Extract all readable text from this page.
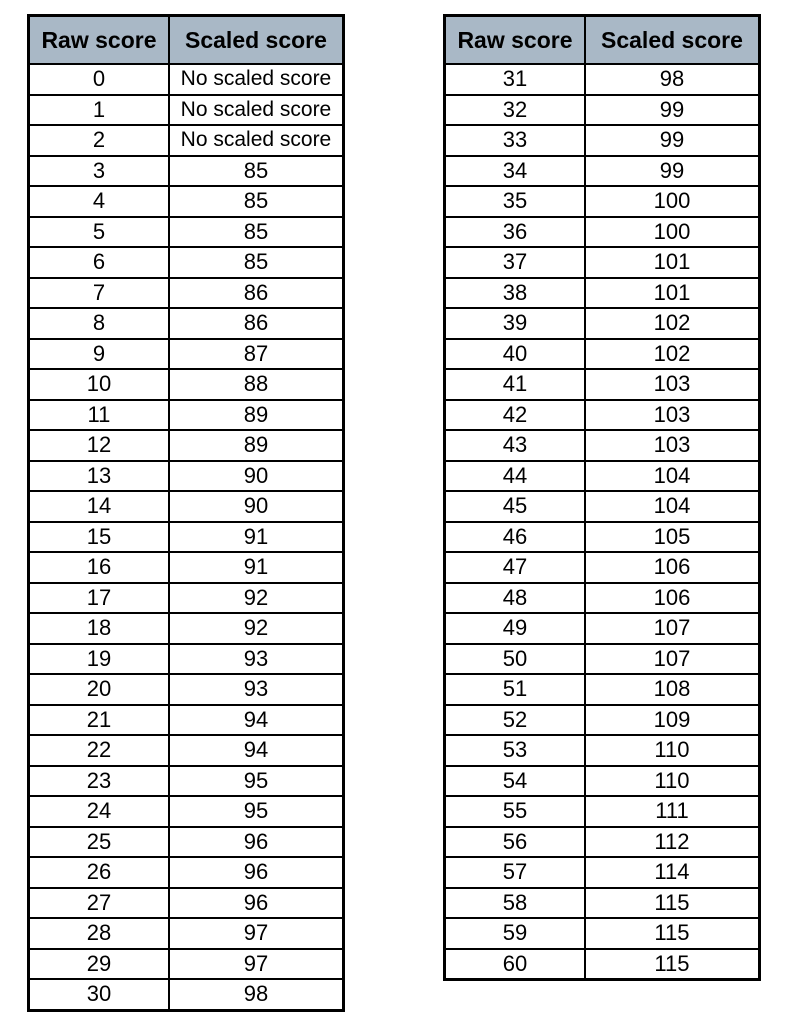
Raw score	Scaled score
0	No scaled score
1	No scaled score
2	No scaled score
3	85
4	85
5	85
6	85
7	86
8	86
9	87
10	88
11	89
12	89
13	90
14	90
15	91
16	91
17	92
18	92
19	93
20	93
21	94
22	94
23	95
24	95
25	96
26	96
27	96
28	97
29	97
30	98
Raw score	Scaled score
31	98
32	99
33	99
34	99
35	100
36	100
37	101
38	101
39	102
40	102
41	103
42	103
43	103
44	104
45	104
46	105
47	106
48	106
49	107
50	107
51	108
52	109
53	110
54	110
55	111
56	112
57	114
58	115
59	115
60	115
